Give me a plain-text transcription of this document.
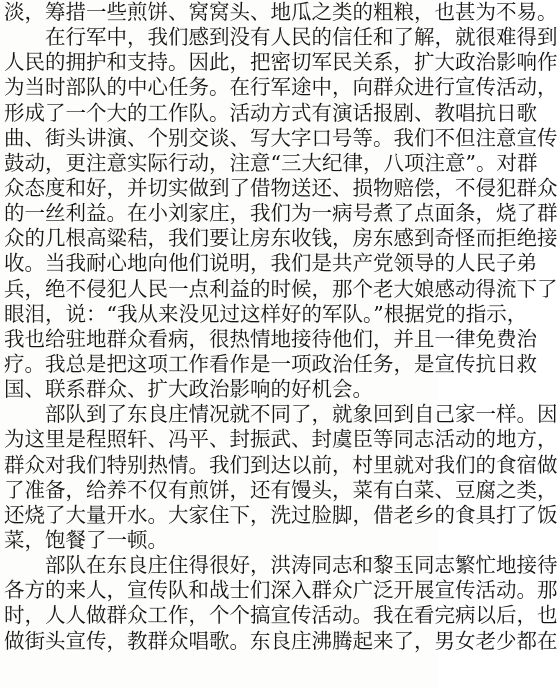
淡，筹措一些煎饼、窝窝头、地瓜之类的粗粮，也甚为不易。
在行军中，我们感到没有人民的信任和了解，就很难得到
人民的拥护和支持。因此，把密切军民关系，扩大政治影响作
为当时部队的中心任务。在行军途中，向群众进行宣传活动，
形成了一个大的工作队。活动方式有演话报剧、教唱抗日歌
曲、街头讲演、个别交谈、写大字口号等。我们不但注意宣传
鼓动，更注意实际行动，注意“三大纪律，八项注意”。对群
众态度和好，并切实做到了借物送还、损物赔偿，不侵犯群众
的一丝利益。在小刘家庄，我们为一病号煮了点面条，烧了群
众的几根高粱秸，我们要让房东收钱，房东感到奇怪而拒绝接
收。当我耐心地向他们说明，我们是共产党领导的人民子弟
兵，绝不侵犯人民一点利益的时候，那个老大娘感动得流下了
眼泪，说：“我从来没见过这样好的军队。”根据党的指示，
我也给驻地群众看病，很热情地接待他们，并且一律免费治
疗。我总是把这项工作看作是一项政治任务，是宣传抗日救
国、联系群众、扩大政治影响的好机会。
部队到了东良庄情况就不同了，就象回到自己家一样。因
为这里是程照轩、冯平、封振武、封虞臣等同志活动的地方，
群众对我们特别热情。我们到达以前，村里就对我们的食宿做
了准备，给养不仅有煎饼，还有馒头，菜有白菜、豆腐之类，
还烧了大量开水。大家住下，洗过脸脚，借老乡的食具打了饭
菜，饱餐了一顿。
部队在东良庄住得很好，洪涛同志和黎玉同志繁忙地接待
各方的来人，宣传队和战士们深入群众广泛开展宣传活动。那
时，人人做群众工作，个个搞宣传活动。我在看完病以后，也
做街头宣传，教群众唱歌。东良庄沸腾起来了，男女老少都在
